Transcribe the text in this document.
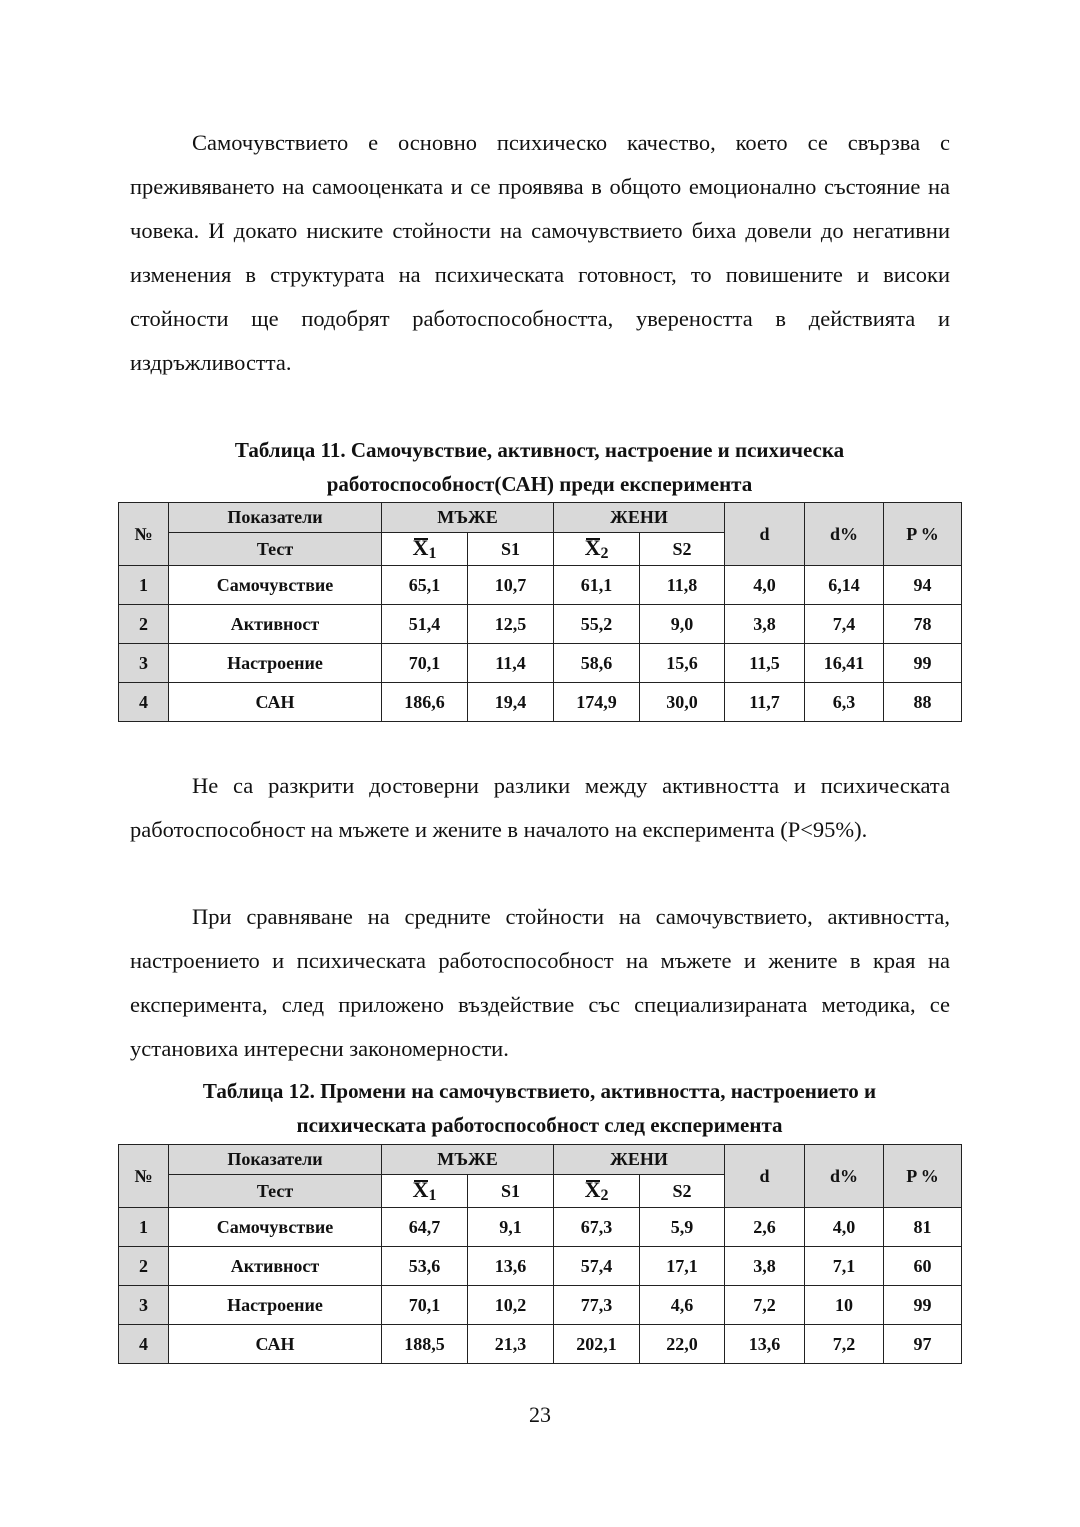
Самочувствието е основно психическо качество, което се свързва с преживяването на самооценката и се проявява в общото емоционално състояние на човека. И докато ниските стойности на самочувствието биха довели до негативни изменения в структурата на психическата готовност, то повишените и високи стойности ще подобрят работоспособността, увереността в действията и издръжливостта.
Таблица 11. Самочувствие, активност, настроение и психическа
работоспособност(САН) преди експеримента
№	Показатели	МЪЖЕ		ЖЕНИ		d	d%	P %
	Тест	$X_1$	S1	$X_2$	S2			
1	Самочувствие	65,1	10,7	61,1	11,8	4,0	6,14	94
2	Активност	51,4	12,5	55,2	9,0	3,8	7,4	78
3	Настроение	70,1	11,4	58,6	15,6	11,5	16,41	99
4	САН	186,6	19,4	174,9	30,0	11,7	6,3	88
Не са разкрити достоверни разлики между активността и психическата работоспособност на мъжете и жените в началото на експеримента (P<95%).
При сравняване на средните стойности на самочувствието, активността, настроението и психическата работоспособност на мъжете и жените в края на експеримента, след приложено въздействие със специализираната методика, се установиха интересни закономерности.
Таблица 12. Промени на самочувствието, активността, настроението и
психическата работоспособност след експеримента
№	Показатели	МЪЖЕ		ЖЕНИ		d	d%	P %
	Тест	$X_1$	S1	$X_2$	S2			
1	Самочувствие	64,7	9,1	67,3	5,9	2,6	4,0	81
2	Активност	53,6	13,6	57,4	17,1	3,8	7,1	60
3	Настроение	70,1	10,2	77,3	4,6	7,2	10	99
4	САН	188,5	21,3	202,1	22,0	13,6	7,2	97
23
